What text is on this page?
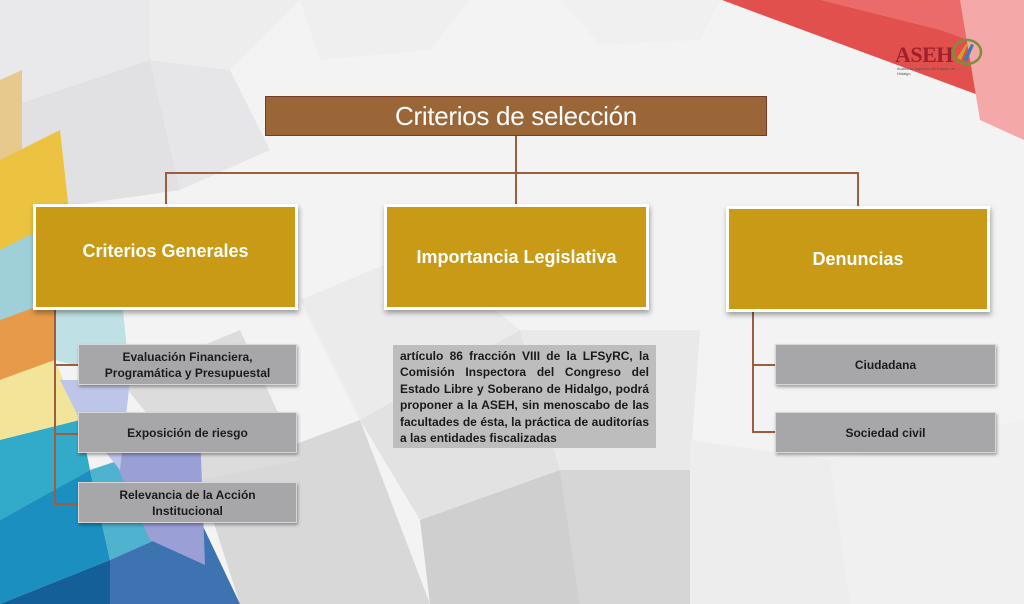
ASEH
Auditoría Superior del Estado de Hidalgo
Criterios de selección
Criterios Generales	Importancia Legislativa	Denuncias
Evaluación Financiera, Programática y Presupuestal
Exposición de riesgo
Relevancia de la Acción Institucional
artículo 86 fracción VIII de la LFSyRC, la Comisión Inspectora del Congreso del Estado Libre y Soberano de Hidalgo, podrá proponer a la ASEH, sin menoscabo de las facultades de ésta, la práctica de auditorías a las entidades fiscalizadas
Ciudadana
Sociedad civil
